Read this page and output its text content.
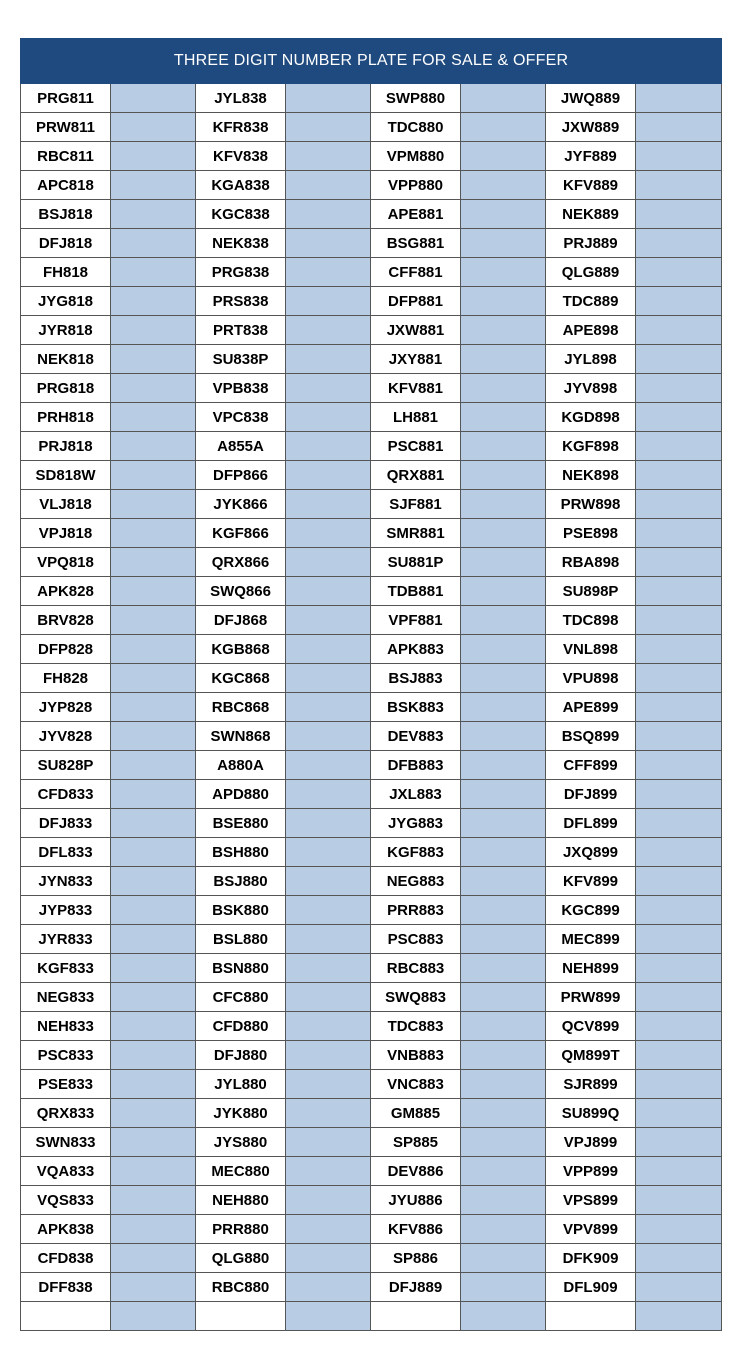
THREE DIGIT NUMBER PLATE FOR SALE & OFFER							
PRG811		JYL838		SWP880		JWQ889	
PRW811		KFR838		TDC880		JXW889	
RBC811		KFV838		VPM880		JYF889	
APC818		KGA838		VPP880		KFV889	
BSJ818		KGC838		APE881		NEK889	
DFJ818		NEK838		BSG881		PRJ889	
FH818		PRG838		CFF881		QLG889	
JYG818		PRS838		DFP881		TDC889	
JYR818		PRT838		JXW881		APE898	
NEK818		SU838P		JXY881		JYL898	
PRG818		VPB838		KFV881		JYV898	
PRH818		VPC838		LH881		KGD898	
PRJ818		A855A		PSC881		KGF898	
SD818W		DFP866		QRX881		NEK898	
VLJ818		JYK866		SJF881		PRW898	
VPJ818		KGF866		SMR881		PSE898	
VPQ818		QRX866		SU881P		RBA898	
APK828		SWQ866		TDB881		SU898P	
BRV828		DFJ868		VPF881		TDC898	
DFP828		KGB868		APK883		VNL898	
FH828		KGC868		BSJ883		VPU898	
JYP828		RBC868		BSK883		APE899	
JYV828		SWN868		DEV883		BSQ899	
SU828P		A880A		DFB883		CFF899	
CFD833		APD880		JXL883		DFJ899	
DFJ833		BSE880		JYG883		DFL899	
DFL833		BSH880		KGF883		JXQ899	
JYN833		BSJ880		NEG883		KFV899	
JYP833		BSK880		PRR883		KGC899	
JYR833		BSL880		PSC883		MEC899	
KGF833		BSN880		RBC883		NEH899	
NEG833		CFC880		SWQ883		PRW899	
NEH833		CFD880		TDC883		QCV899	
PSC833		DFJ880		VNB883		QM899T	
PSE833		JYL880		VNC883		SJR899	
QRX833		JYK880		GM885		SU899Q	
SWN833		JYS880		SP885		VPJ899	
VQA833		MEC880		DEV886		VPP899	
VQS833		NEH880		JYU886		VPS899	
APK838		PRR880		KFV886		VPV899	
CFD838		QLG880		SP886		DFK909	
DFF838		RBC880		DFJ889		DFL909	
